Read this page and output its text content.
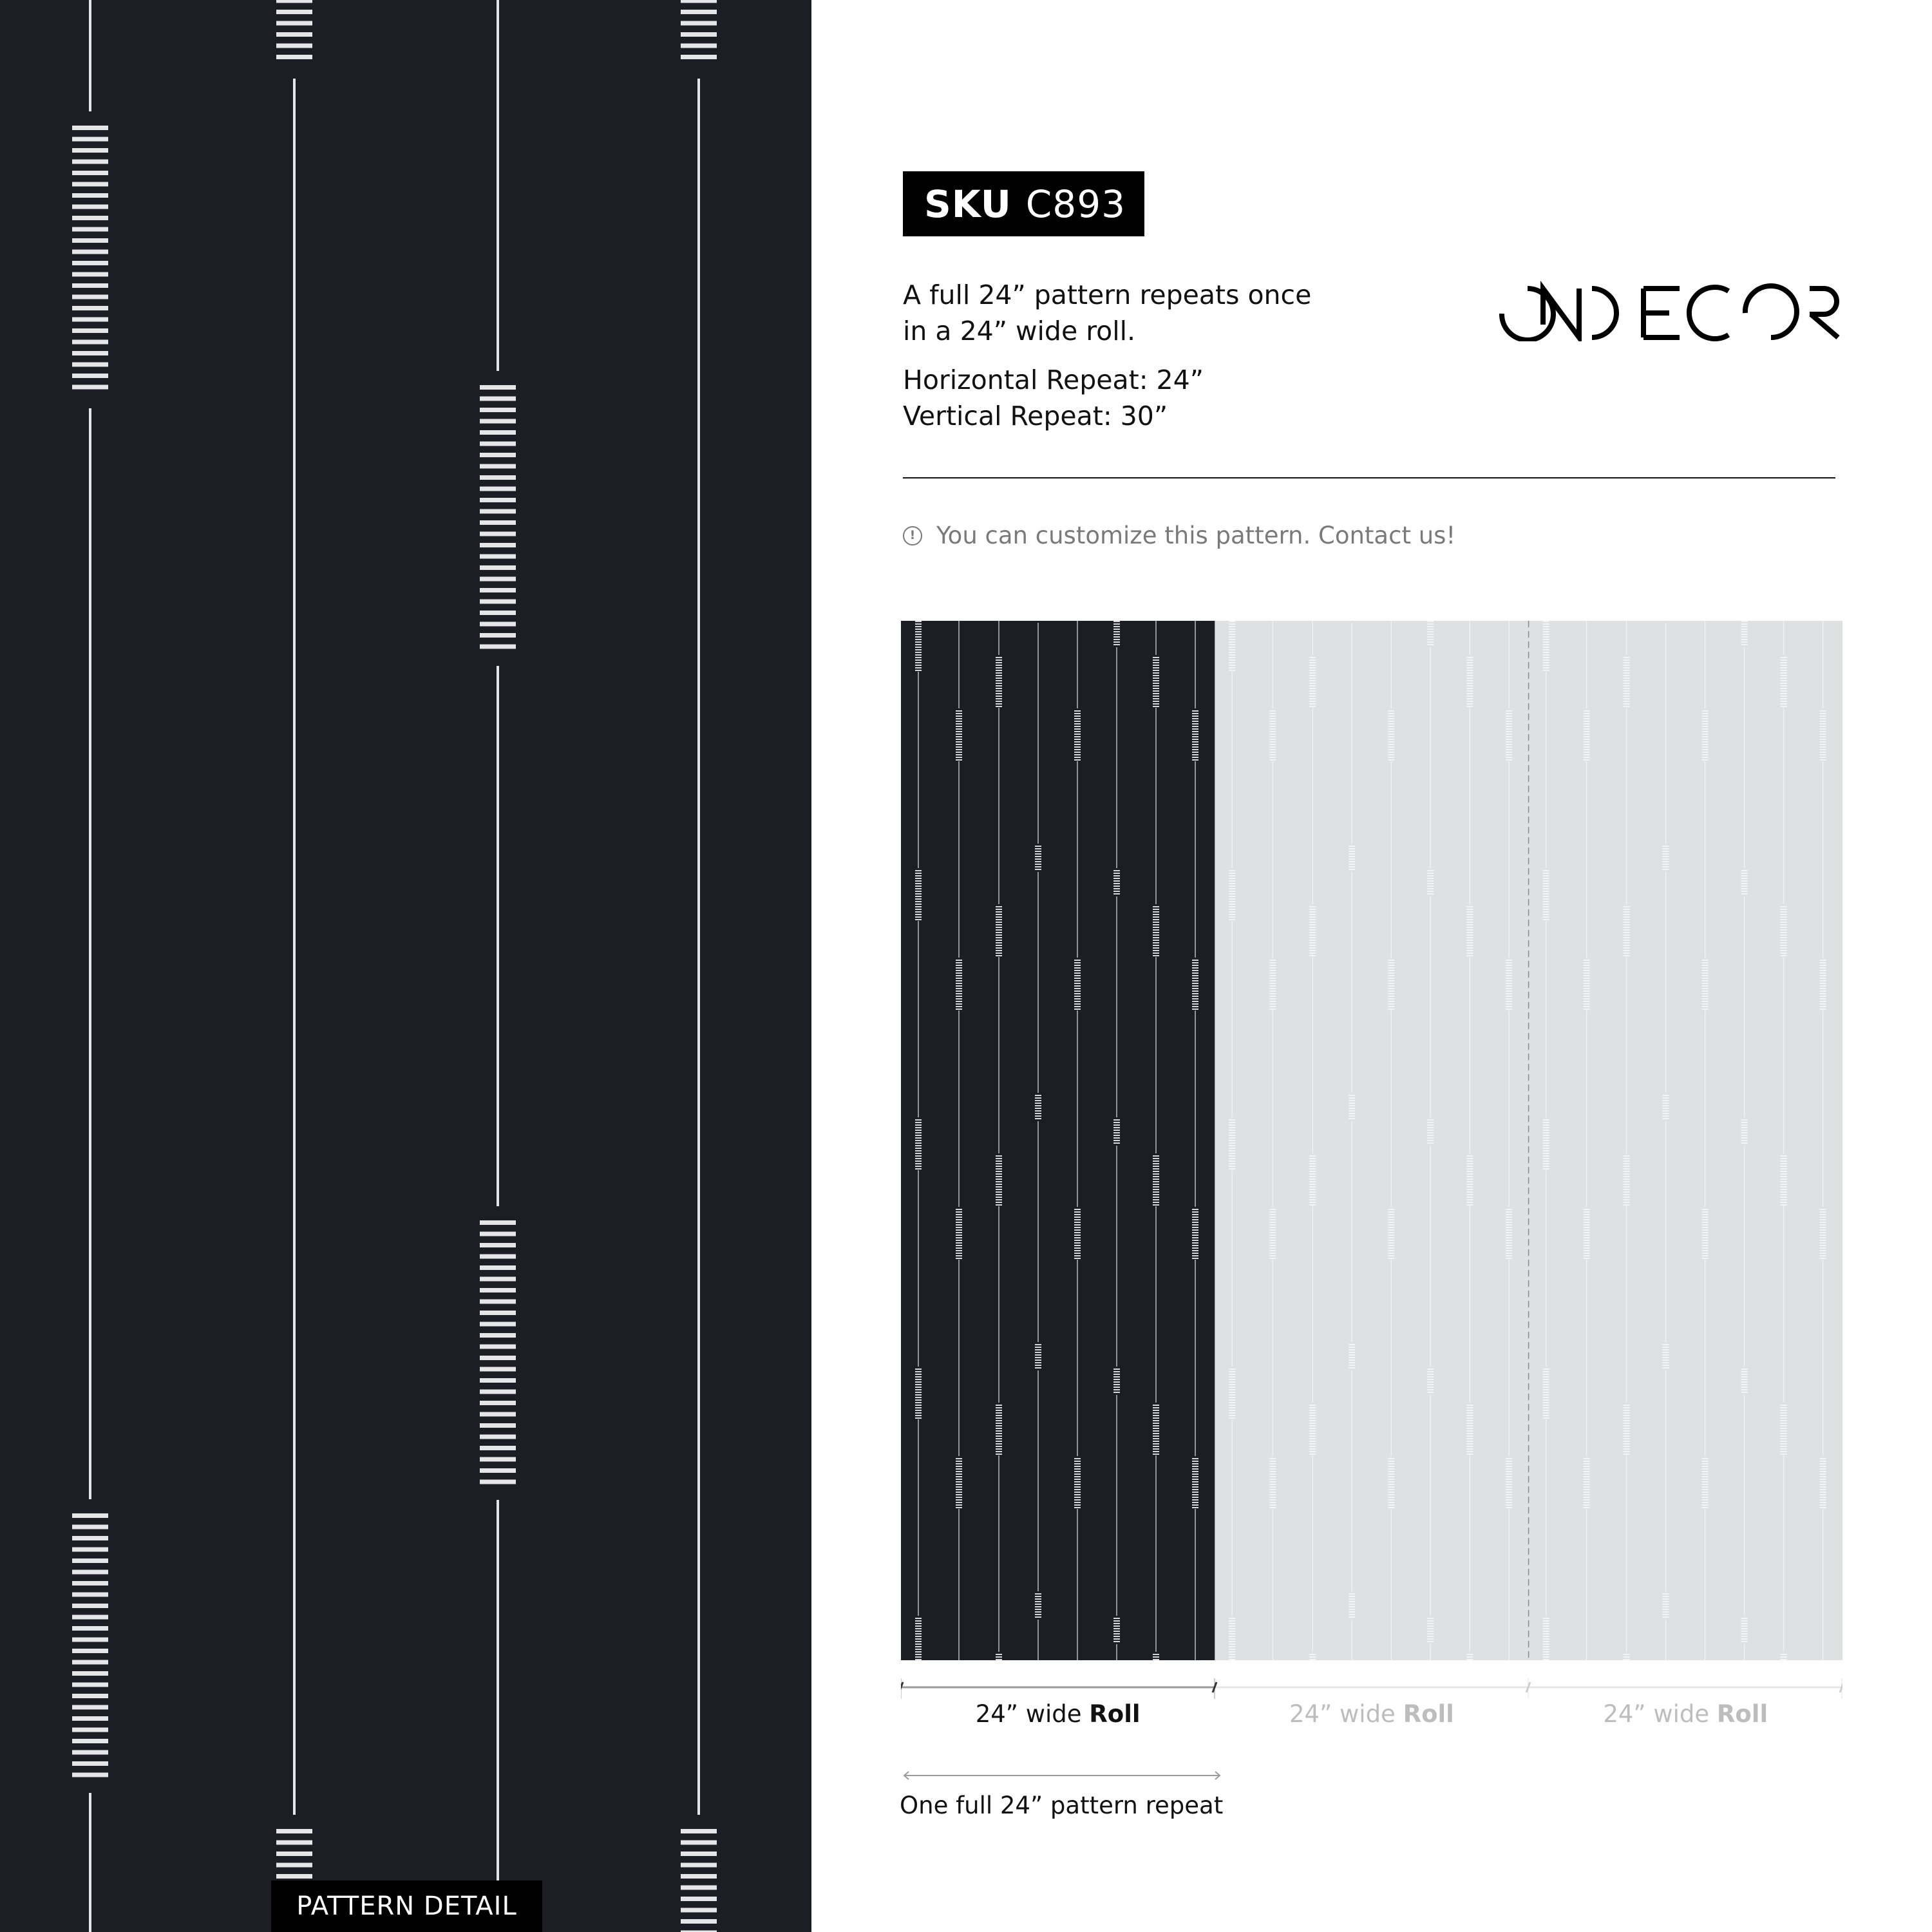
PATTERN DETAIL
SKU C893
A full 24” pattern repeats once
in a 24” wide roll.
Horizontal Repeat: 24”
Vertical Repeat: 30”
! You can customize this pattern. Contact us!
24” wide Roll	24” wide Roll	24” wide Roll
One full 24” pattern repeat
